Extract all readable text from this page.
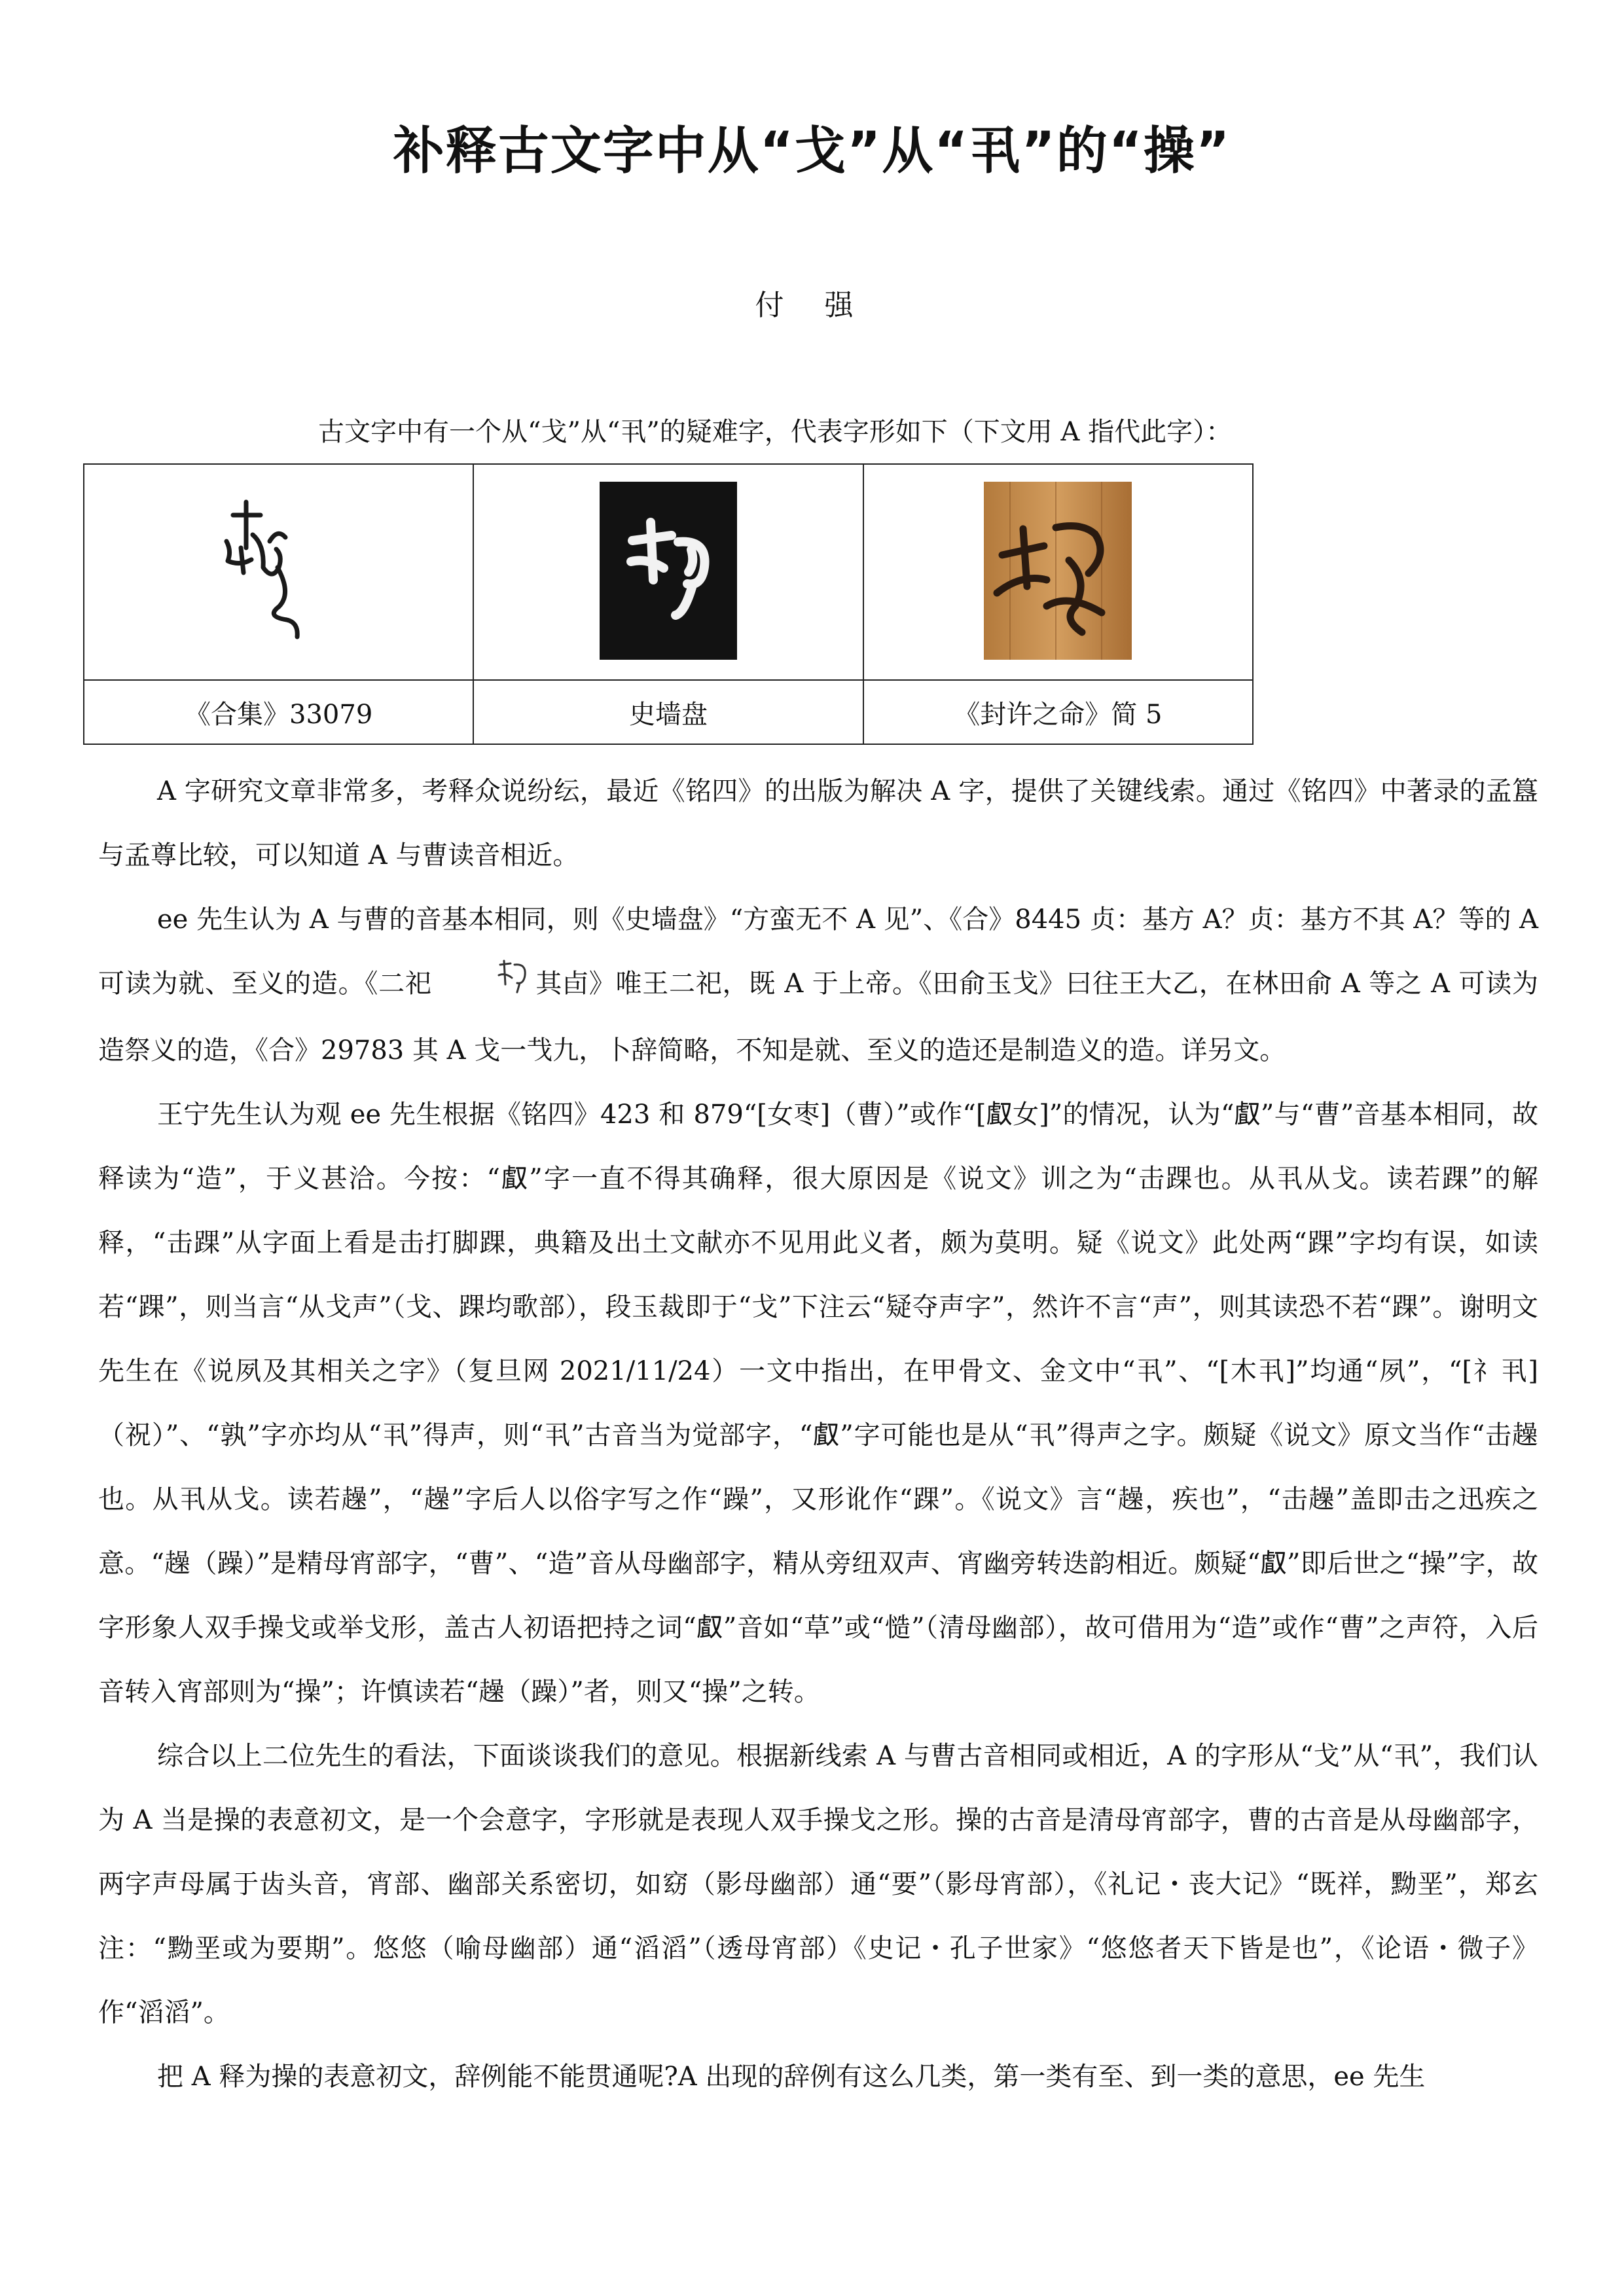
补释古文字中从“戈”从“丮”的“操”
付 强
古文字中有一个从“戈”从“丮”的疑难字，代表字形如下（下文用 A 指代此字）：

《合集》33079	史墙盘	《封许之命》简 5

A 字研究文章非常多，考释众说纷纭，最近《铭四》的出版为解决 A 字，提供了关键线索。通过《铭四》中著录的孟簋与孟尊比较，可以知道 A 与曹读音相近。

ee 先生认为 A 与曹的音基本相同，则《史墙盘》“方蛮无不 A 见”、《合》8445 贞：基方 A？贞：基方不其 A？等的 A 可读为就、至义的造。《二祀	其卣》唯王二祀，既 A 于上帝。《田俞玉戈》曰往王大乙，在林田俞 A 等之 A 可读为造祭义的造，《合》29783 其 A 戈一𢦏九，卜辞简略，不知是就、至义的造还是制造义的造。详另文。

王宁先生认为观 ee 先生根据《铭四》423 和 879“[女枣]（曹）”或作“[𠭯女]”的情况，认为“𠭯”与“曹”音基本相同，故释读为“造”，于义甚洽。今按：“𠭯”字一直不得其确释，很大原因是《说文》训之为“击踝也。从丮从戈。读若踝”的解释，“击踝”从字面上看是击打脚踝，典籍及出土文献亦不见用此义者，颇为莫明。疑《说文》此处两“踝”字均有误，如读若“踝”，则当言“从戈声”（戈、踝均歌部），段玉裁即于“戈”下注云“疑夺声字”，然许不言“声”，则其读恐不若“踝”。谢明文先生在《说夙及其相关之字》（复旦网 2021/11/24）一文中指出，在甲骨文、金文中“丮”、“[木丮]”均通“夙”，“[礻丮]（祝）”、“孰”字亦均从“丮”得声，则“丮”古音当为觉部字，“𠭯”字可能也是从“丮”得声之字。颇疑《说文》原文当作“击趮也。从丮从戈。读若趮”，“趮”字后人以俗字写之作“躁”，又形讹作“踝”。《说文》言“趮，疾也”，“击趮”盖即击之迅疾之意。“趮（躁）”是精母宵部字，“曹”、“造”音从母幽部字，精从旁纽双声、宵幽旁转迭韵相近。颇疑“𠭯”即后世之“操”字，故字形象人双手操戈或举戈形，盖古人初语把持之词“𠭯”音如“草”或“慥”（清母幽部），故可借用为“造”或作“曹”之声符，入后音转入宵部则为“操”；许慎读若“趮（躁）”者，则又“操”之转。

综合以上二位先生的看法，下面谈谈我们的意见。根据新线索 A 与曹古音相同或相近，A 的字形从“戈”从“丮”，我们认为 A 当是操的表意初文，是一个会意字，字形就是表现人双手操戈之形。操的古音是清母宵部字，曹的古音是从母幽部字，两字声母属于齿头音，宵部、幽部关系密切，如窈（影母幽部）通“要”（影母宵部），《礼记・丧大记》“既祥，黝垩”，郑玄注：“黝垩或为要期”。悠悠（喻母幽部）通“滔滔”（透母宵部）《史记・孔子世家》“悠悠者天下皆是也”，《论语・微子》作“滔滔”。

把 A 释为操的表意初文，辞例能不能贯通呢?A 出现的辞例有这么几类，第一类有至、到一类的意思，ee 先生
